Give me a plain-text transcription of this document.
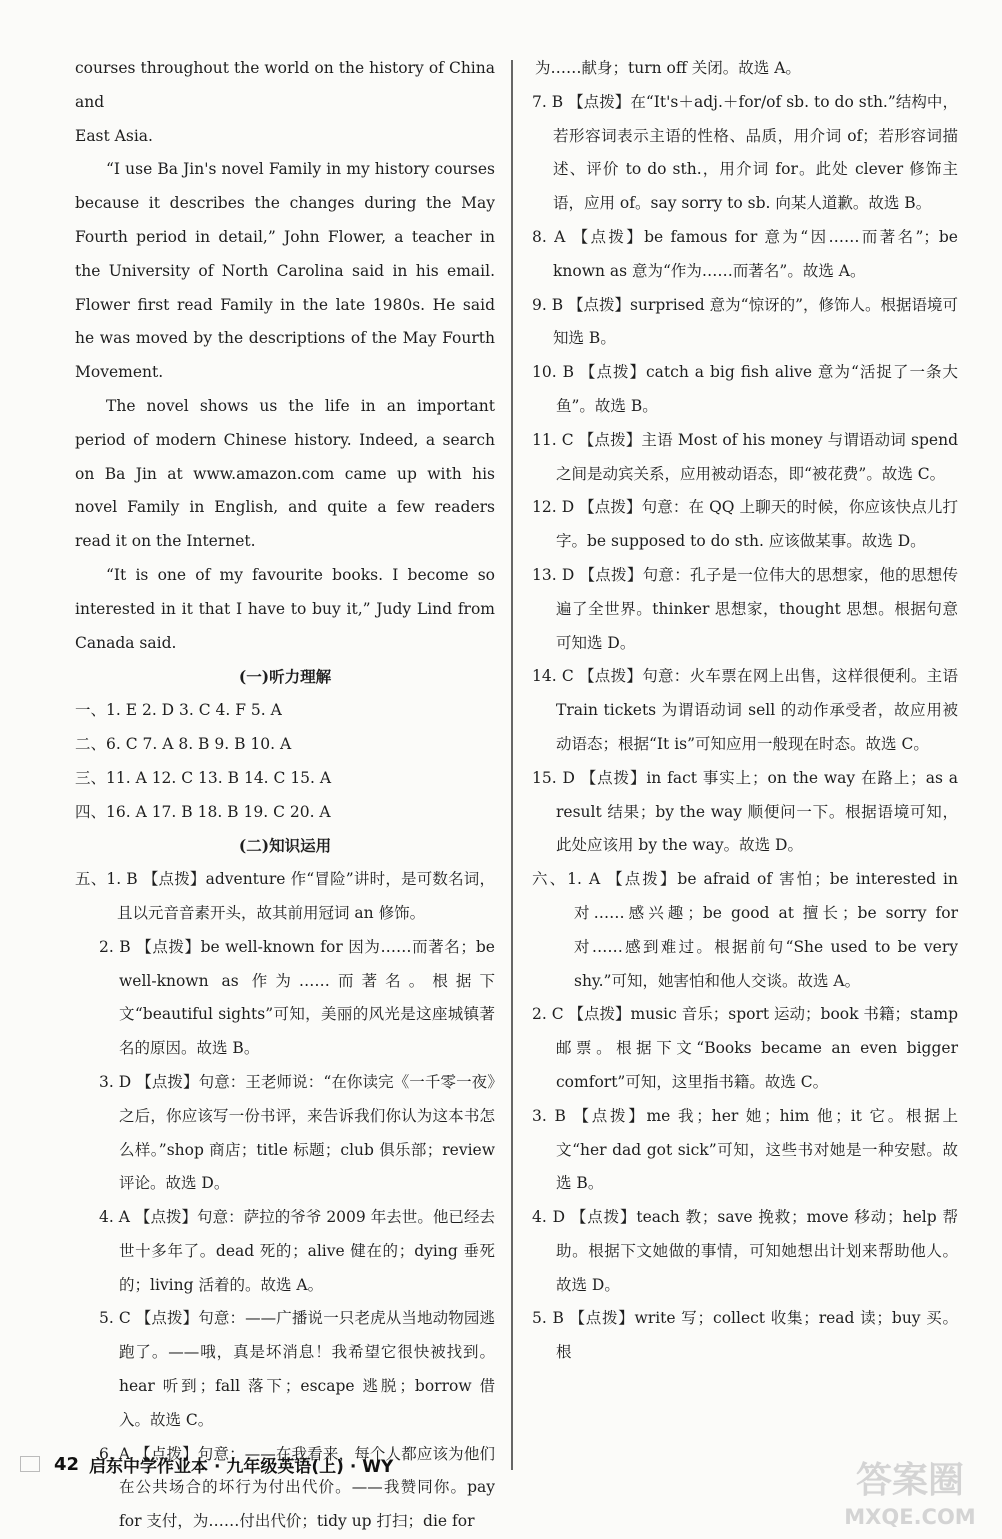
courses throughout the world on the history of China and

East Asia.

“I use Ba Jin's novel Family in my history courses because it describes the changes during the May Fourth period in detail,” John Flower, a teacher in the University of North Carolina said in his email. Flower first read Family in the late 1980s. He said he was moved by the descriptions of the May Fourth Movement.

The novel shows us the life in an important period of modern Chinese history. Indeed, a search on Ba Jin at www.amazon.com came up with his novel Family in English, and quite a few readers read it on the Internet.

“It is one of my favourite books. I become so interested in it that I have to buy it,” Judy Lind from Canada said.

(一)听力理解

一、1. E 2. D 3. C 4. F 5. A

二、6. C 7. A 8. B 9. B 10. A

三、11. A 12. C 13. B 14. C 15. A

四、16. A 17. B 18. B 19. C 20. A

(二)知识运用

五、1. B 【点拨】adventure 作“冒险”讲时，是可数名词，且以元音音素开头，故其前用冠词 an 修饰。

2. B 【点拨】be well-known for 因为……而著名；be well-known as 作为……而著名。根据下文“beautiful sights”可知，美丽的风光是这座城镇著名的原因。故选 B。

3. D 【点拨】句意：王老师说：“在你读完《一千零一夜》之后，你应该写一份书评，来告诉我们你认为这本书怎么样。”shop 商店；title 标题；club 俱乐部；review 评论。故选 D。

4. A 【点拨】句意：萨拉的爷爷 2009 年去世。他已经去世十多年了。dead 死的；alive 健在的；dying 垂死的；living 活着的。故选 A。

5. C 【点拨】句意：——广播说一只老虎从当地动物园逃跑了。——哦，真是坏消息！我希望它很快被找到。hear 听到；fall 落下；escape 逃脱；borrow 借入。故选 C。

6. A 【点拨】句意：——在我看来，每个人都应该为他们在公共场合的坏行为付出代价。——我赞同你。pay for 支付，为……付出代价；tidy up 打扫；die for

为……献身；turn off 关闭。故选 A。

7. B 【点拨】在“It's＋adj.＋for/of sb. to do sth.”结构中，若形容词表示主语的性格、品质，用介词 of；若形容词描述、评价 to do sth.，用介词 for。此处 clever 修饰主语，应用 of。say sorry to sb. 向某人道歉。故选 B。

8. A 【点拨】be famous for 意为“因……而著名”；be known as 意为“作为……而著名”。故选 A。

9. B 【点拨】surprised 意为“惊讶的”，修饰人。根据语境可知选 B。

10. B 【点拨】catch a big fish alive 意为“活捉了一条大鱼”。故选 B。

11. C 【点拨】主语 Most of his money 与谓语动词 spend 之间是动宾关系，应用被动语态，即“被花费”。故选 C。

12. D 【点拨】句意：在 QQ 上聊天的时候，你应该快点儿打字。be supposed to do sth. 应该做某事。故选 D。

13. D 【点拨】句意：孔子是一位伟大的思想家，他的思想传遍了全世界。thinker 思想家，thought 思想。根据句意可知选 D。

14. C 【点拨】句意：火车票在网上出售，这样很便利。主语 Train tickets 为谓语动词 sell 的动作承受者，故应用被动语态；根据“It is”可知应用一般现在时态。故选 C。

15. D 【点拨】in fact 事实上；on the way 在路上；as a result 结果；by the way 顺便问一下。根据语境可知，此处应该用 by the way。故选 D。

六、1. A 【点拨】be afraid of 害怕；be interested in 对……感兴趣；be good at 擅长；be sorry for 对……感到难过。根据前句“She used to be very shy.”可知，她害怕和他人交谈。故选 A。

2. C 【点拨】music 音乐；sport 运动；book 书籍；stamp 邮票。根据下文“Books became an even bigger comfort”可知，这里指书籍。故选 C。

3. B 【点拨】me 我；her 她；him 他；it 它。根据上文“her dad got sick”可知，这些书对她是一种安慰。故选 B。

4. D 【点拨】teach 教；save 挽救；move 移动；help 帮助。根据下文她做的事情，可知她想出计划来帮助他人。故选 D。

5. B 【点拨】write 写；collect 收集；read 读；buy 买。根

42 启东中学作业本 · 九年级英语(上) · WY	答案圈
MXQE.COM
